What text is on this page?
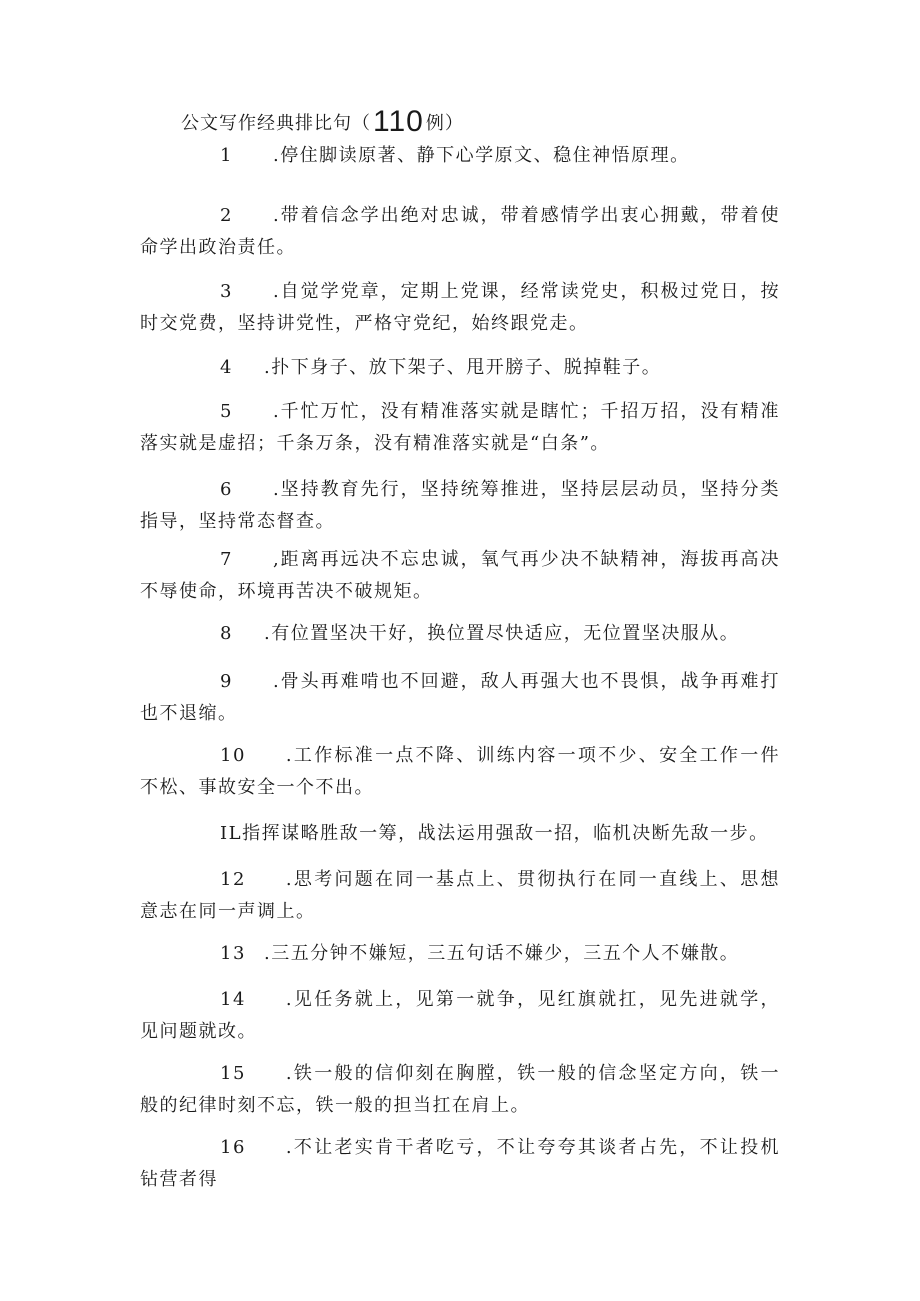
公文写作经典排比句（110 例）

1 .停住脚读原著、静下心学原文、稳住神悟原理。

2.带着信念学出绝对忠诚，带着感情学出衷心拥戴，带着使命学出政治责任。

3.自觉学党章，定期上党课，经常读党史，积极过党日，按时交党费，坚持讲党性，严格守党纪，始终跟党走。

4.扑下身子、放下架子、甩开膀子、脱掉鞋子。

5.千忙万忙，没有精准落实就是瞎忙；千招万招，没有精准落实就是虚招；千条万条，没有精准落实就是“白条”。

6.坚持教育先行，坚持统筹推进，坚持层层动员，坚持分类指导，坚持常态督查。

7,距离再远决不忘忠诚，氧气再少决不缺精神，海拔再高决不辱使命，环境再苦决不破规矩。

8.有位置坚决干好，换位置尽快适应，无位置坚决服从。

9.骨头再难啃也不回避，敌人再强大也不畏惧，战争再难打也不退缩。

10.工作标准一点不降、训练内容一项不少、安全工作一件不松、事故安全一个不出。

IL指挥谋略胜敌一筹，战法运用强敌一招，临机决断先敌一步。

12.思考问题在同一基点上、贯彻执行在同一直线上、思想意志在同一声调上。

13.三五分钟不嫌短，三五句话不嫌少，三五个人不嫌散。

14.见任务就上，见第一就争，见红旗就扛，见先进就学，见问题就改。

15.铁一般的信仰刻在胸膛，铁一般的信念坚定方向，铁一般的纪律时刻不忘，铁一般的担当扛在肩上。

16.不让老实肯干者吃亏，不让夸夸其谈者占先，不让投机钻营者得
